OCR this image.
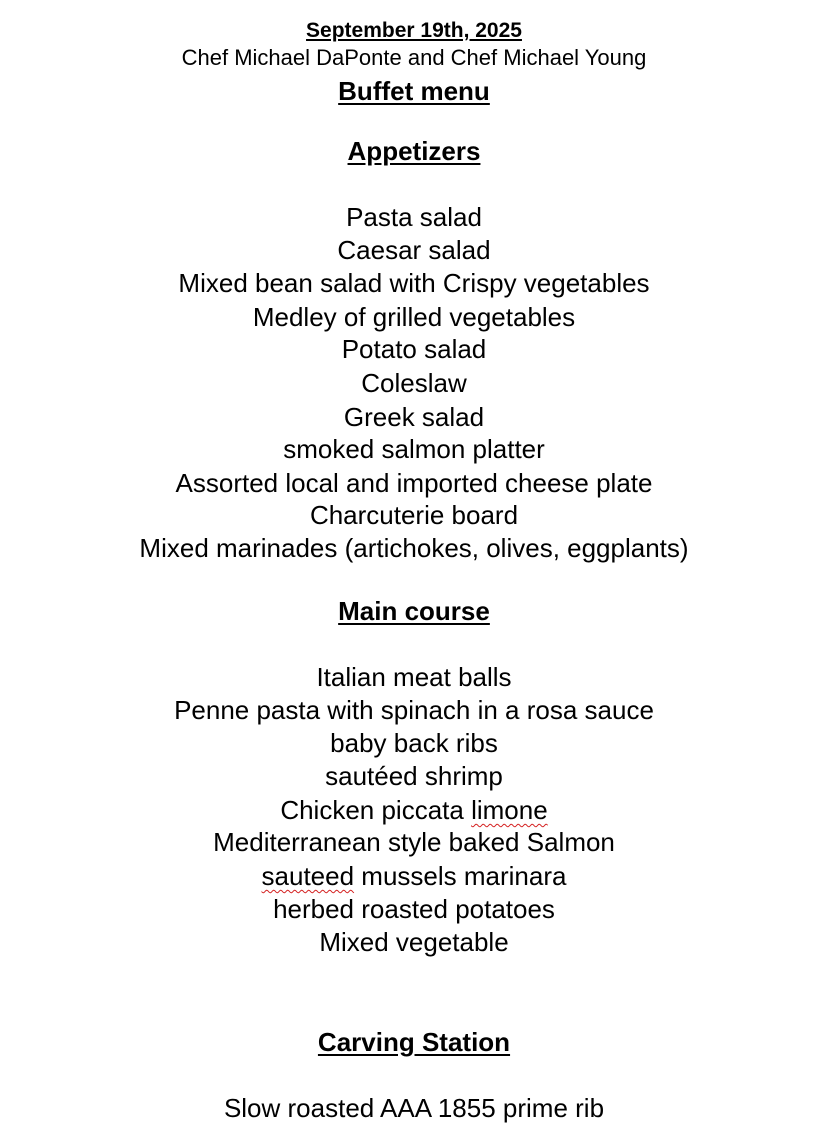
September 19th, 2025
Chef Michael DaPonte and Chef Michael Young
Buffet menu
Appetizers
Pasta salad
Caesar salad
Mixed bean salad with Crispy vegetables
Medley of grilled vegetables
Potato salad
Coleslaw
Greek salad
smoked salmon platter
Assorted local and imported cheese plate
Charcuterie board
Mixed marinades (artichokes, olives, eggplants)
Main course
Italian meat balls
Penne pasta with spinach in a rosa sauce
baby back ribs
sautéed shrimp
Chicken piccata limone
Mediterranean style baked Salmon
sauteed mussels marinara
herbed roasted potatoes
Mixed vegetable
Carving Station
Slow roasted AAA 1855 prime rib
